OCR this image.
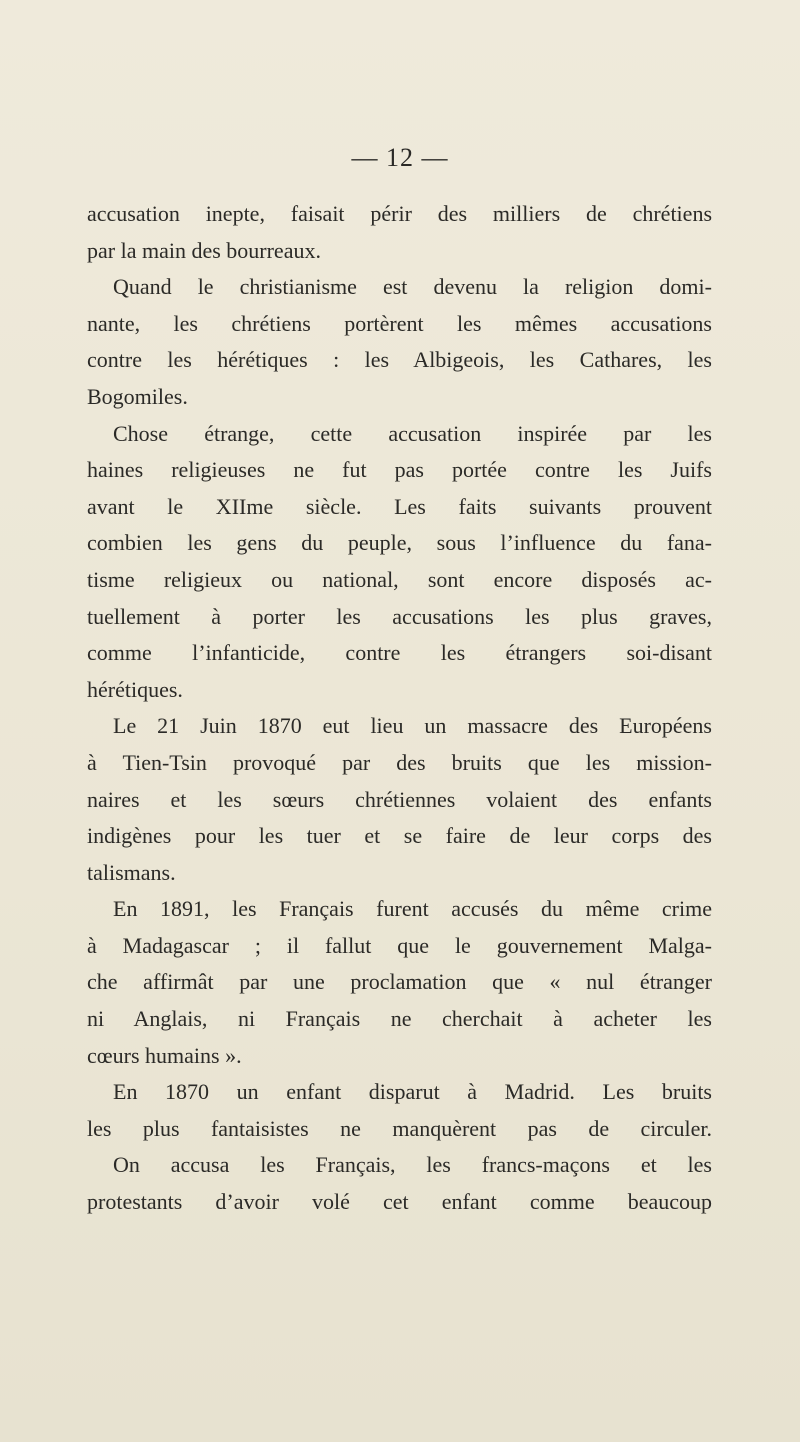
— 12 —
accusation inepte, faisait périr des milliers de chrétiens
par la main des bourreaux.
Quand le christianisme est devenu la religion domi-
nante, les chrétiens portèrent les mêmes accusations
contre les hérétiques : les Albigeois, les Cathares, les
Bogomiles.
Chose étrange, cette accusation inspirée par les
haines religieuses ne fut pas portée contre les Juifs
avant le XIIme siècle. Les faits suivants prouvent
combien les gens du peuple, sous l’influence du fana-
tisme religieux ou national, sont encore disposés ac-
tuellement à porter les accusations les plus graves,
comme l’infanticide, contre les étrangers soi-disant
hérétiques.
Le 21 Juin 1870 eut lieu un massacre des Européens
à Tien-Tsin provoqué par des bruits que les mission-
naires et les sœurs chrétiennes volaient des enfants
indigènes pour les tuer et se faire de leur corps des
talismans.
En 1891, les Français furent accusés du même crime
à Madagascar ; il fallut que le gouvernement Malga-
che affirmât par une proclamation que « nul étranger
ni Anglais, ni Français ne cherchait à acheter les
cœurs humains ».
En 1870 un enfant disparut à Madrid. Les bruits
les plus fantaisistes ne manquèrent pas de circuler.
On accusa les Français, les francs-maçons et les
protestants d’avoir volé cet enfant comme beaucoup
